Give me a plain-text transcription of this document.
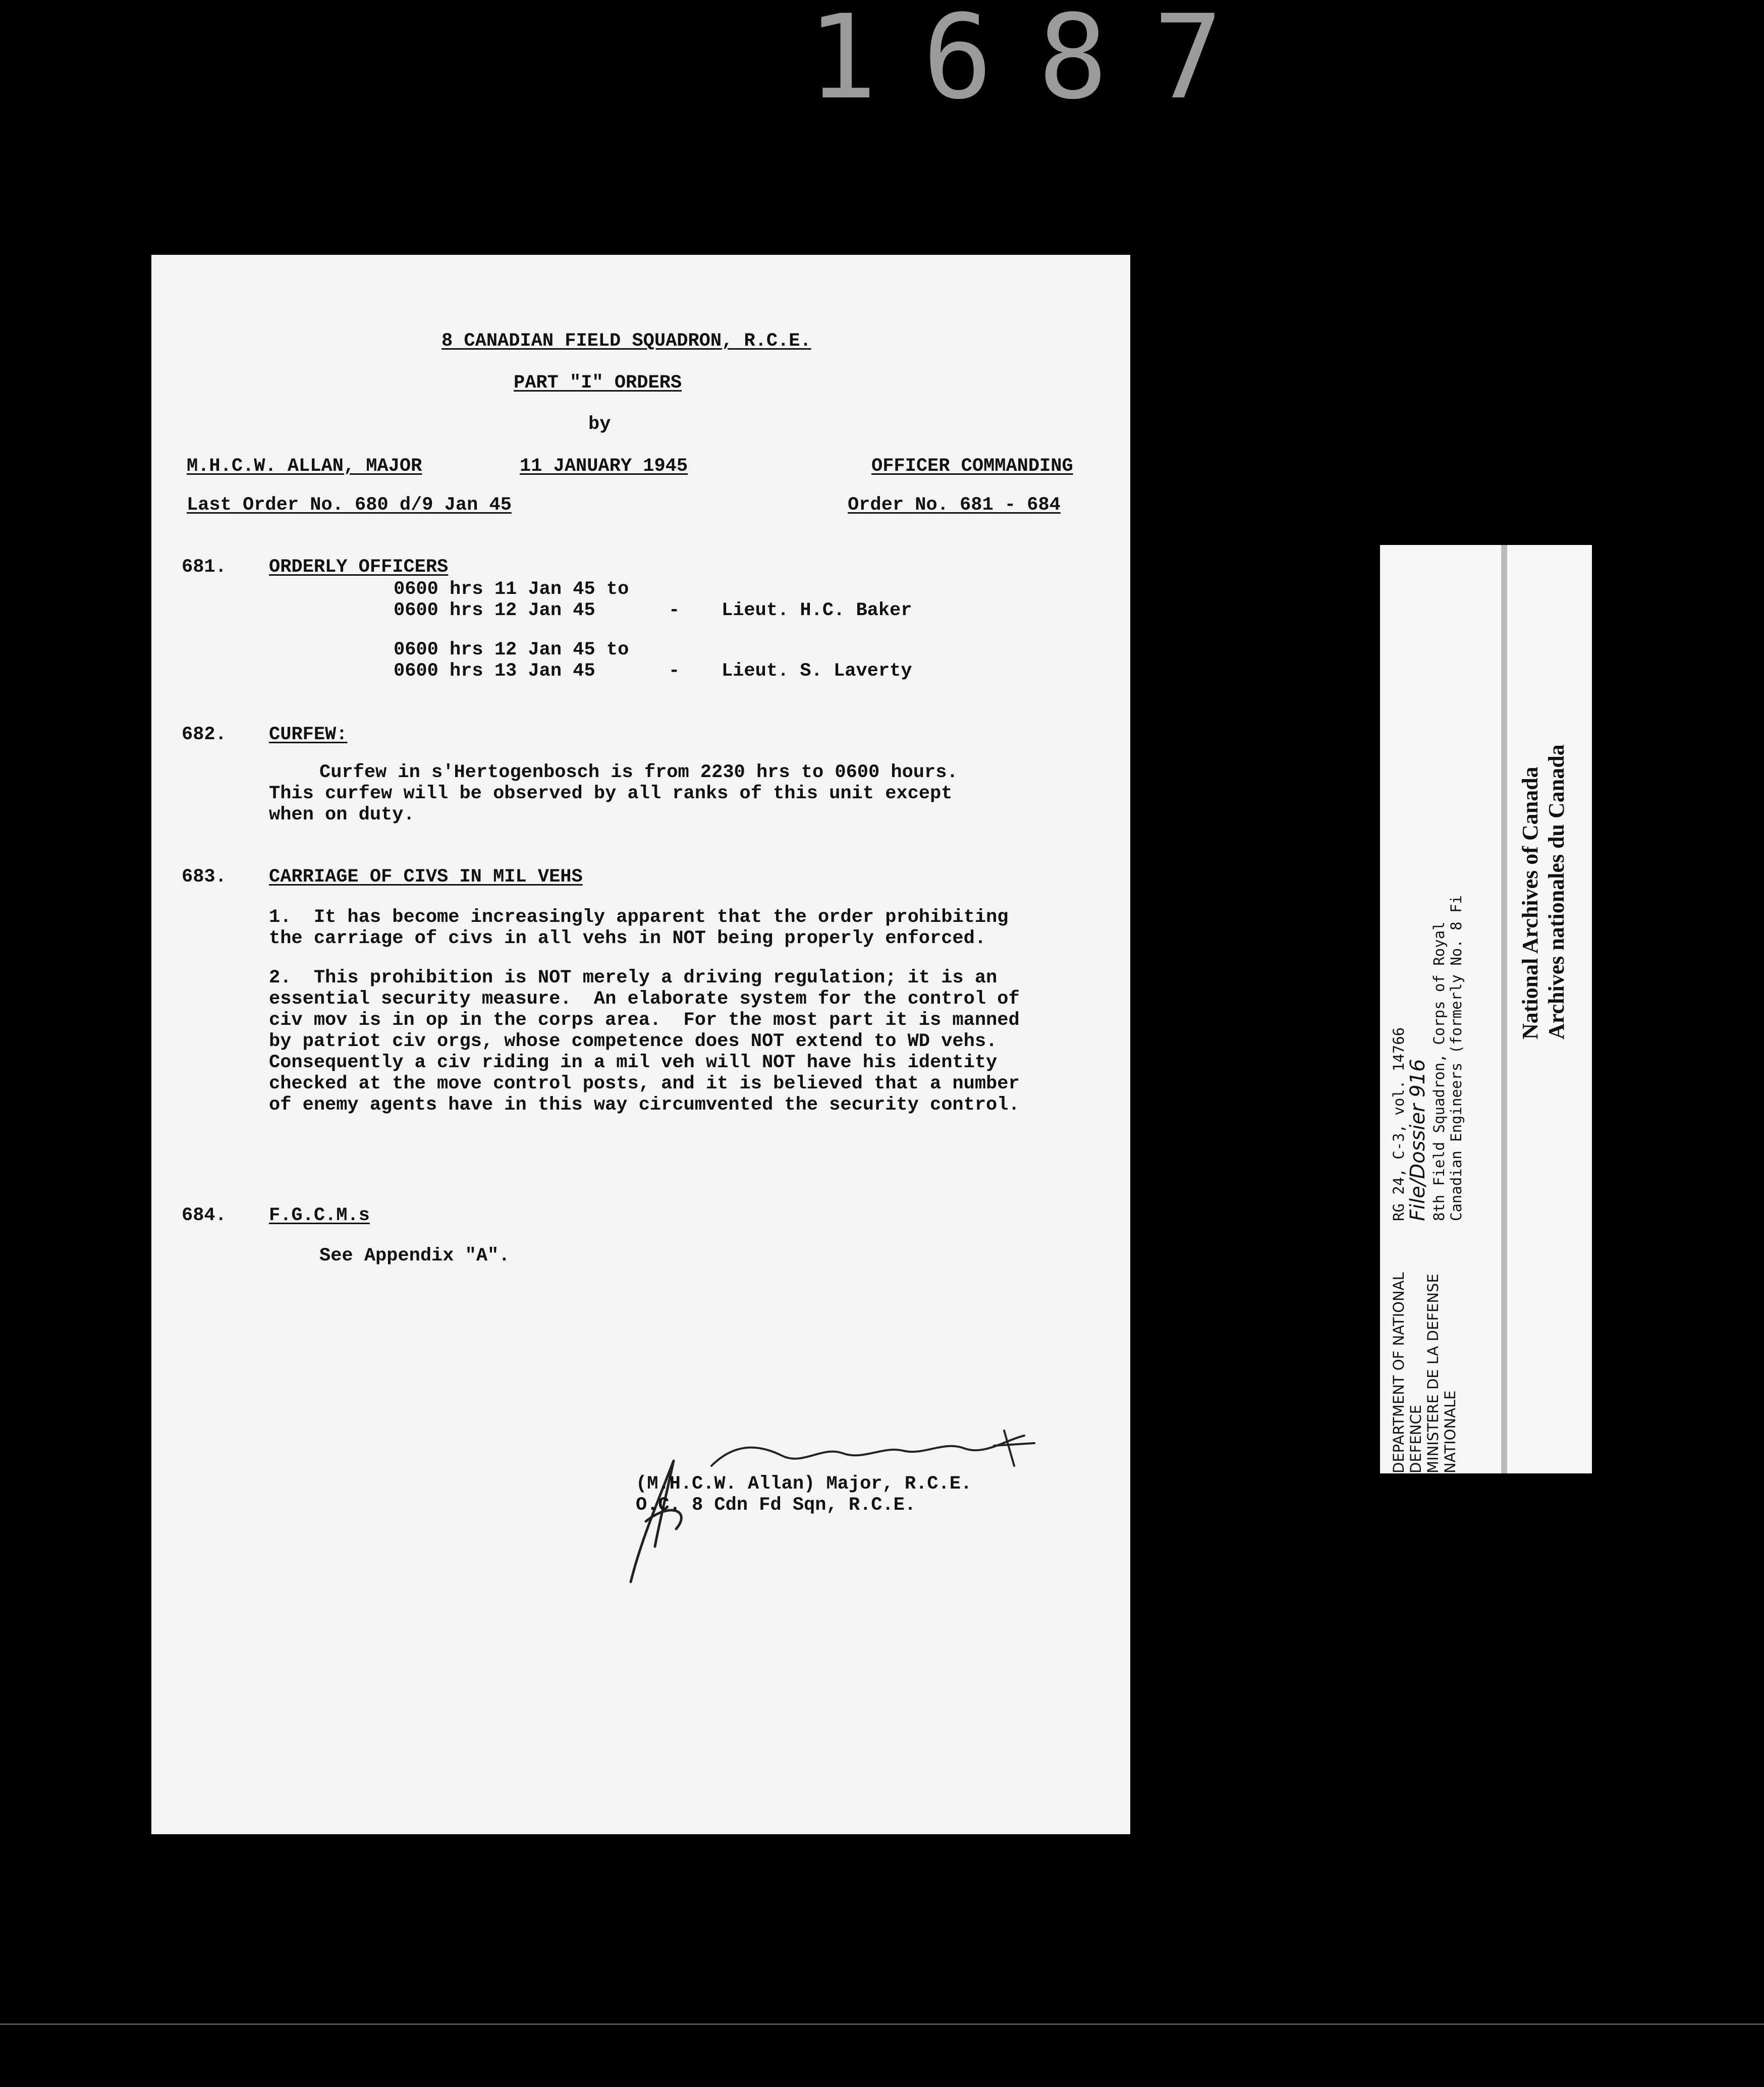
1687
8 CANADIAN FIELD SQUADRON, R.C.E.
PART "I" ORDERS
by
M.H.C.W. ALLAN, MAJOR	11 JANUARY 1945	OFFICER COMMANDING
Last Order No. 680 d/9 Jan 45	Order No. 681 - 684
681. ORDERLY OFFICERS
0600 hrs 11 Jan 45 to
0600 hrs 12 Jan 45	- Lieut. H.C. Baker
0600 hrs 12 Jan 45 to
0600 hrs 13 Jan 45	- Lieut. S. Laverty
682. CURFEW:
Curfew in s'Hertogenbosch is from 2230 hrs to 0600 hours.
This curfew will be observed by all ranks of this unit except
when on duty.
683. CARRIAGE OF CIVS IN MIL VEHS
1.  It has become increasingly apparent that the order prohibiting
the carriage of civs in all vehs in NOT being properly enforced.
2.  This prohibition is NOT merely a driving regulation; it is an
essential security measure.  An elaborate system for the control of
civ mov is in op in the corps area.  For the most part it is manned
by patriot civ orgs, whose competence does NOT extend to WD vehs.
Consequently a civ riding in a mil veh will NOT have his identity
checked at the move control posts, and it is believed that a number
of enemy agents have in this way circumvented the security control.
684. F.G.C.M.s
See Appendix "A".
(M.H.C.W. Allan) Major, R.C.E.
O.C. 8 Cdn Fd Sqn, R.C.E.
DEPARTMENT OF NATIONAL DEFENCE MINISTERE DE LA DEFENSE NATIONALE
RG 24, C-3, vol. 14766
File/Dossier 916 8th Field Squadron, Corps of Royal Canadian Engineers (formerly No. 8 Fi National Archives of Canada Archives nationales du Canada
